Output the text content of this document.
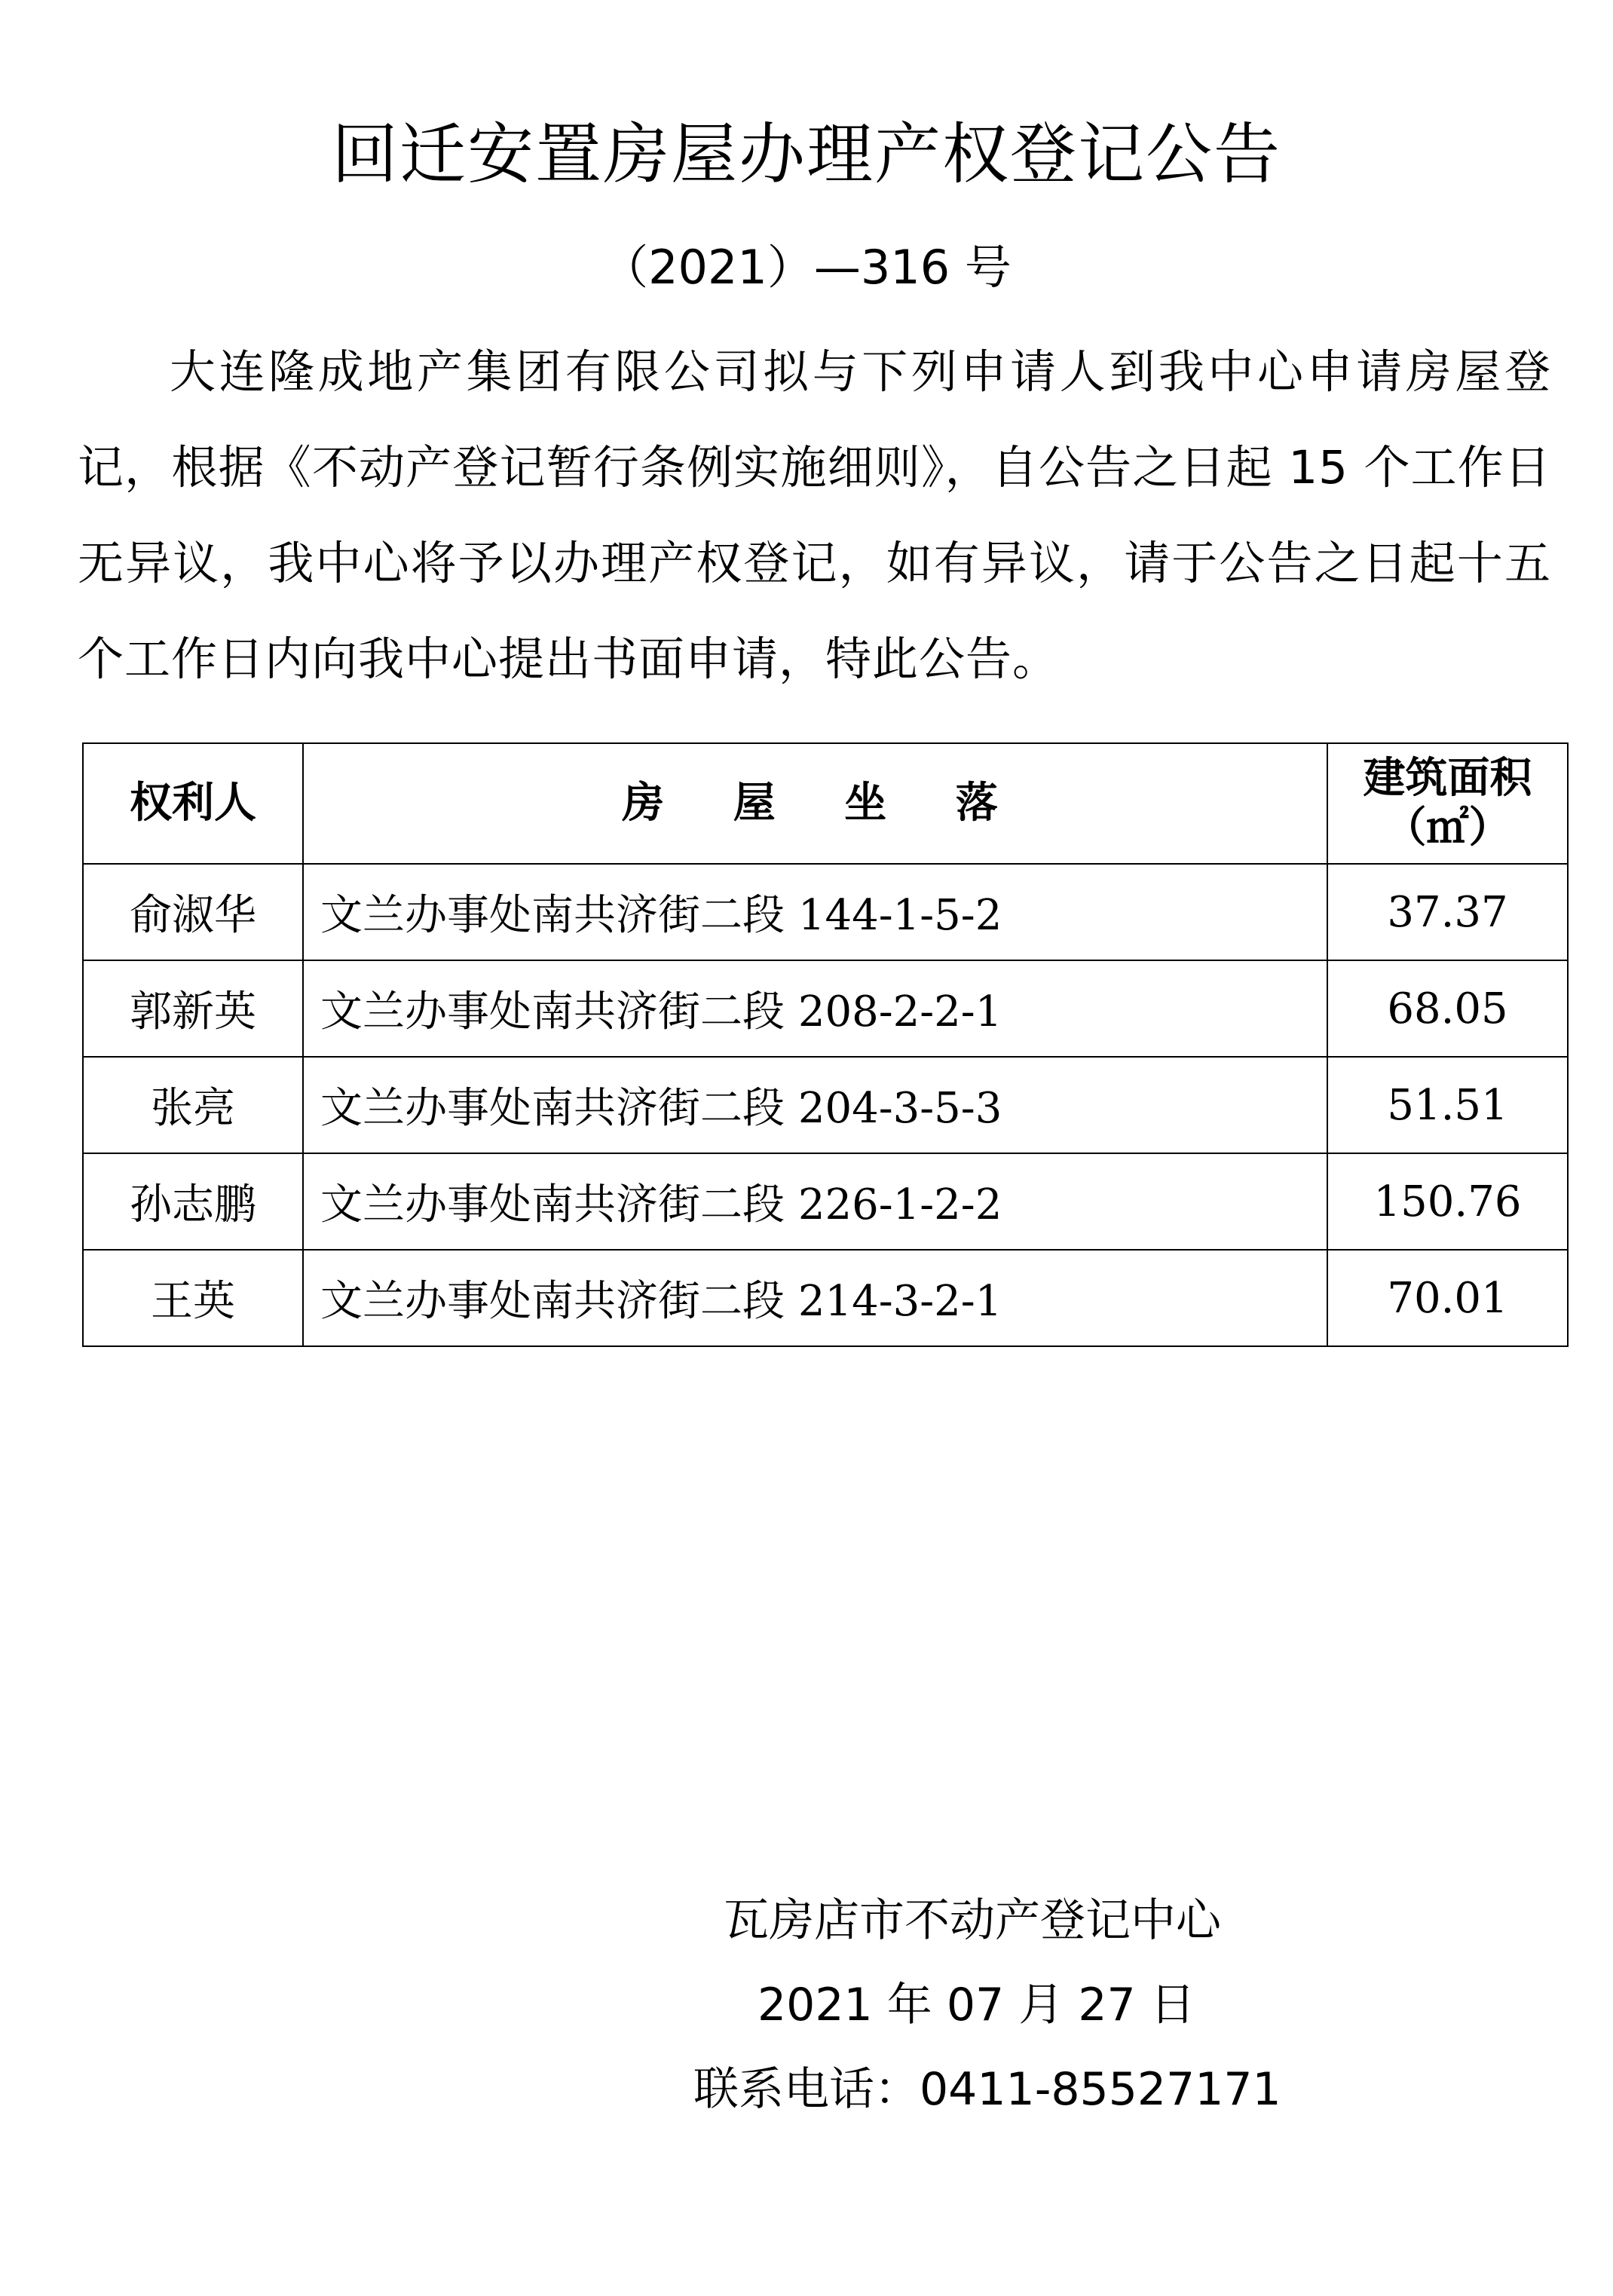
回迁安置房屋办理产权登记公告
（2021）—316 号
大连隆成地产集团有限公司拟与下列申请人到我中心申请房屋登记，根据《不动产登记暂行条例实施细则》，自公告之日起 15 个工作日无异议，我中心将予以办理产权登记，如有异议，请于公告之日起十五个工作日内向我中心提出书面申请，特此公告。
权利人	房 屋 坐 落	建筑面积
（㎡）

俞淑华	文兰办事处南共济街二段 144-1-5-2	37.37
郭新英	文兰办事处南共济街二段 208-2-2-1	68.05
张亮	文兰办事处南共济街二段 204-3-5-3	51.51
孙志鹏	文兰办事处南共济街二段 226-1-2-2	150.76
王英	文兰办事处南共济街二段 214-3-2-1	70.01
瓦房店市不动产登记中心
2021 年 07 月 27 日
联系电话：0411-85527171
